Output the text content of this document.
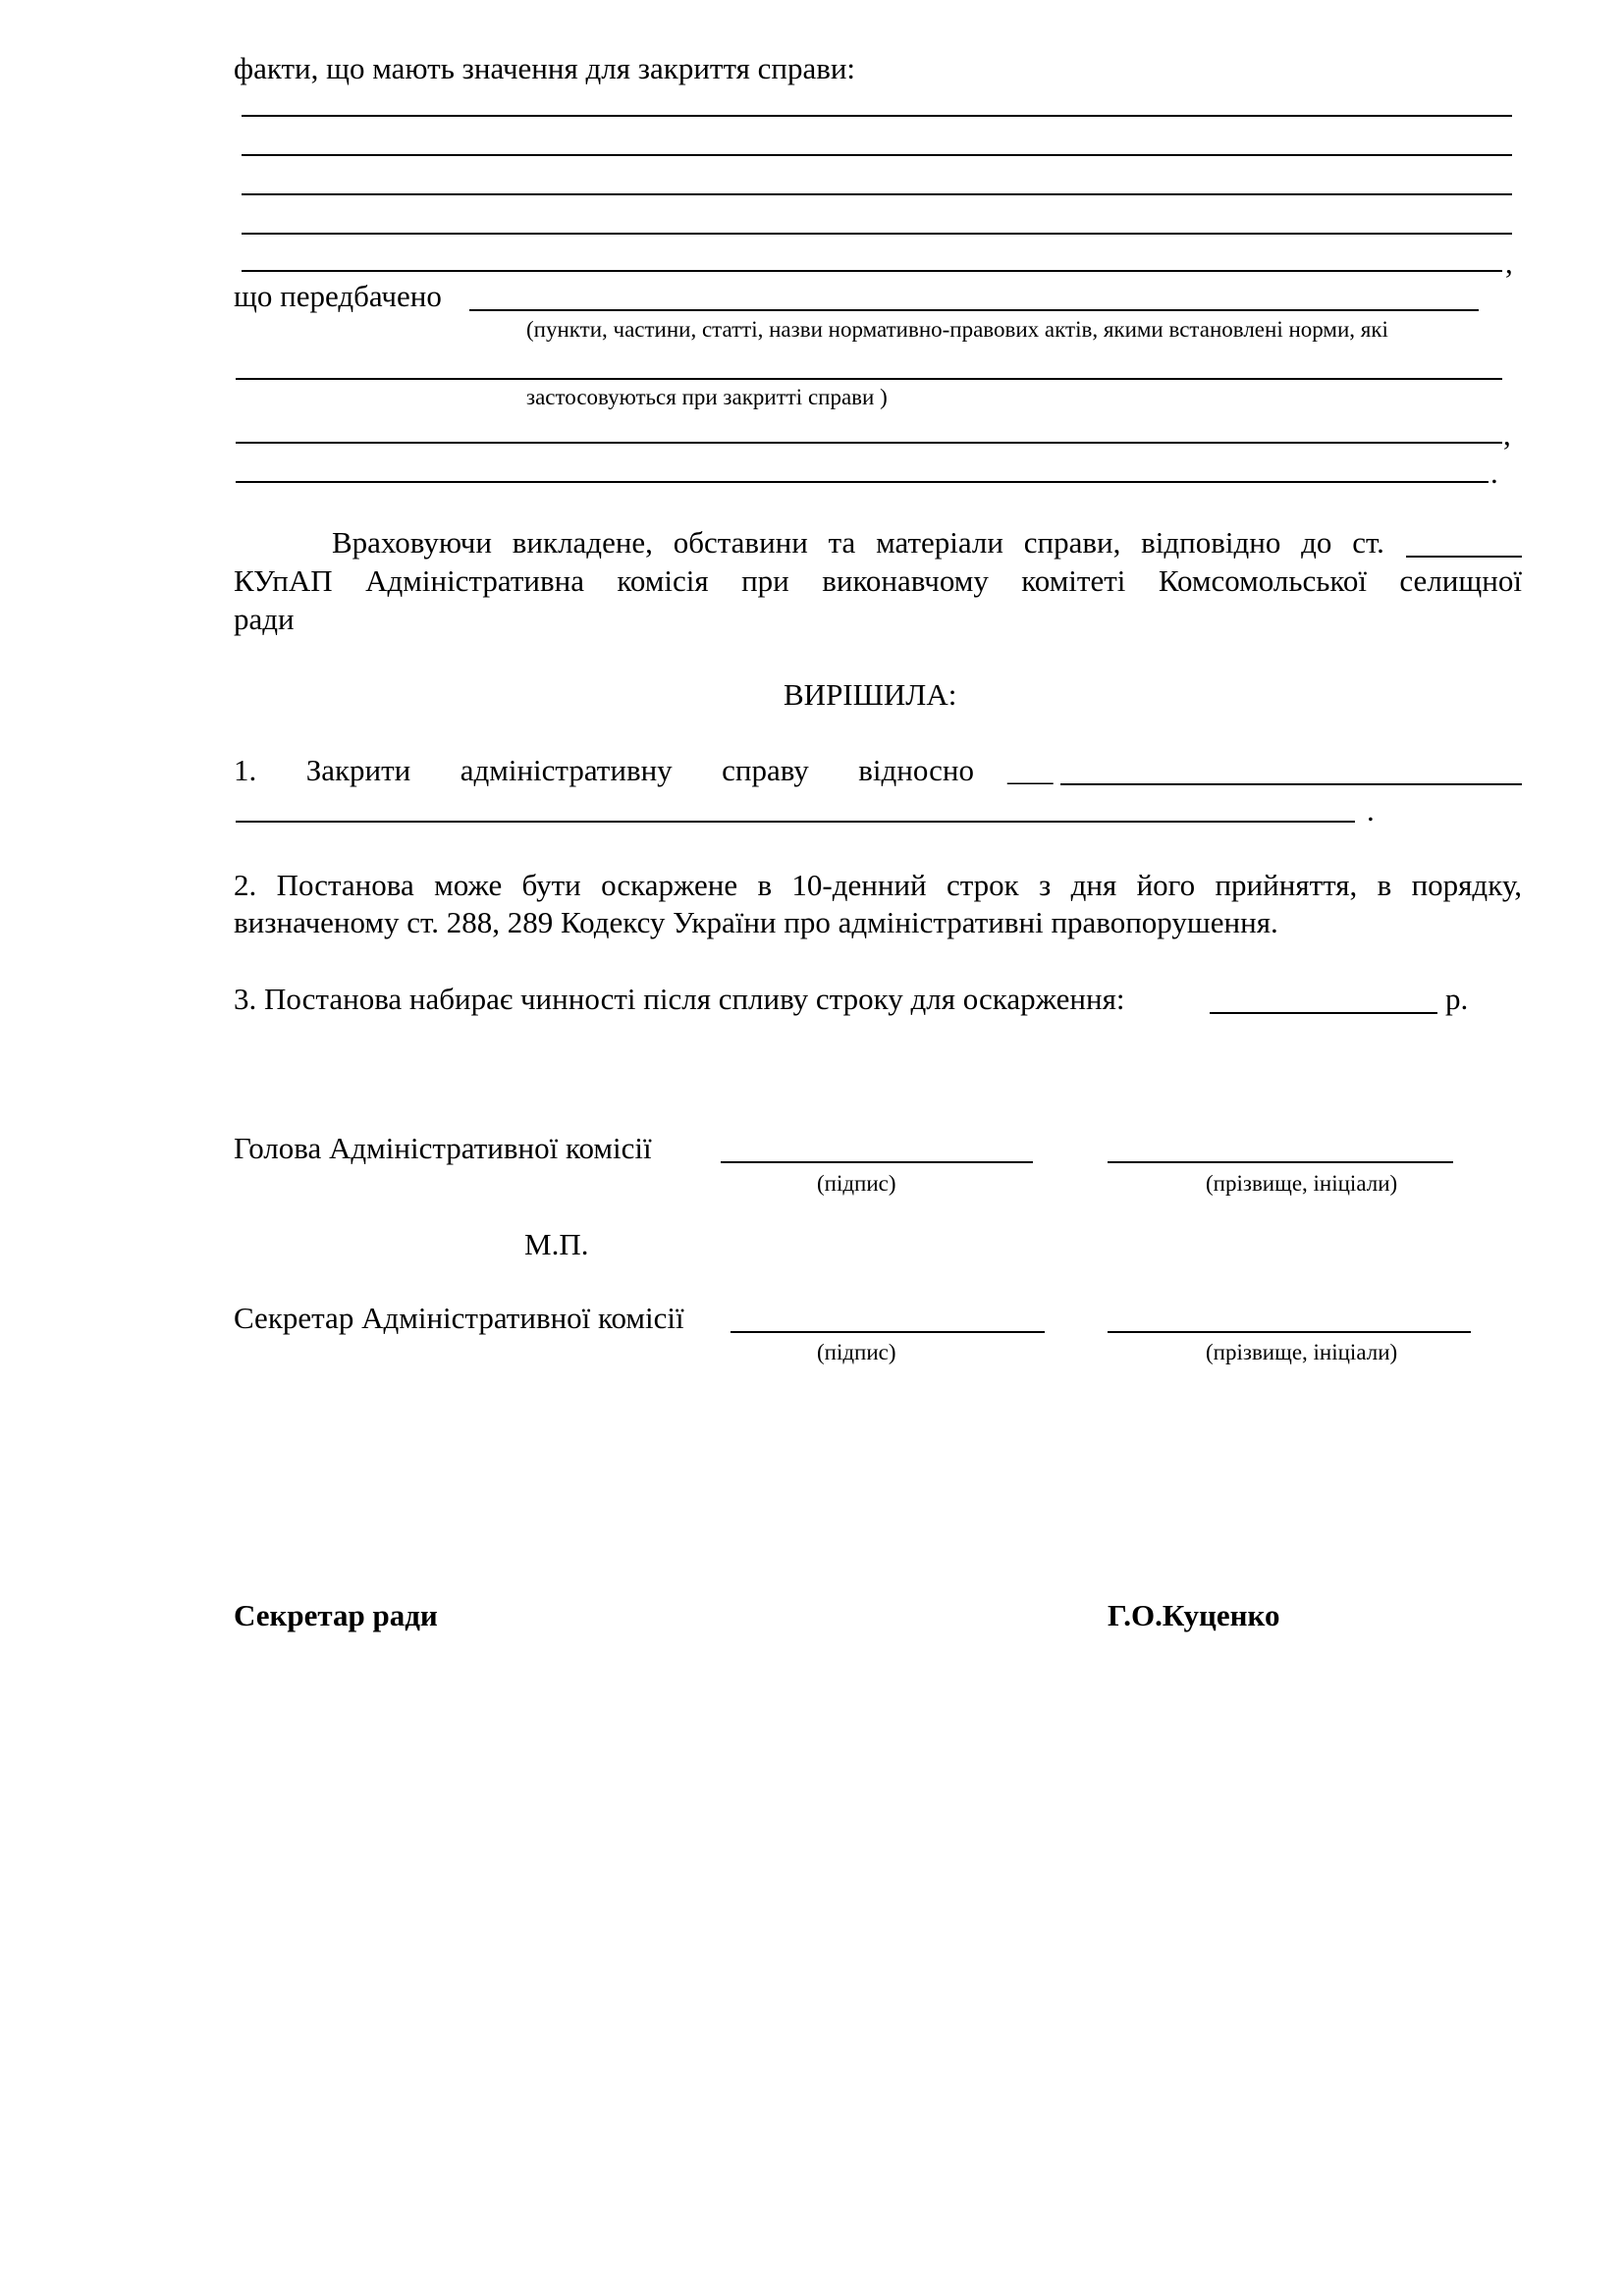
факти, що мають значення для закриття справи:
,
що передбачено
(пункти, частини, статті, назви нормативно-правових актів, якими встановлені норми, які
застосовуються при закритті справи )
,
.
Враховуючи викладене, обставини та матеріали справи, відповідно до ст.
КУпАП Адміністративна комісія при виконавчому комітеті Комсомольської селищної
ради
ВИРІШИЛА:
1. Закрити адміністративну справу відносно ___
.
2. Постанова може бути оскаржене в 10-денний строк з дня його прийняття, в порядку,
визначеному ст. 288, 289 Кодексу України про адміністративні правопорушення.
3. Постанова набирає чинності після спливу строку для оскарження:	р.
Голова Адміністративної комісії
(підпис)	(прізвище, ініціали)
М.П.
Секретар Адміністративної комісії
(підпис)	(прізвище, ініціали)
Секретар ради	Г.О.Куценко
